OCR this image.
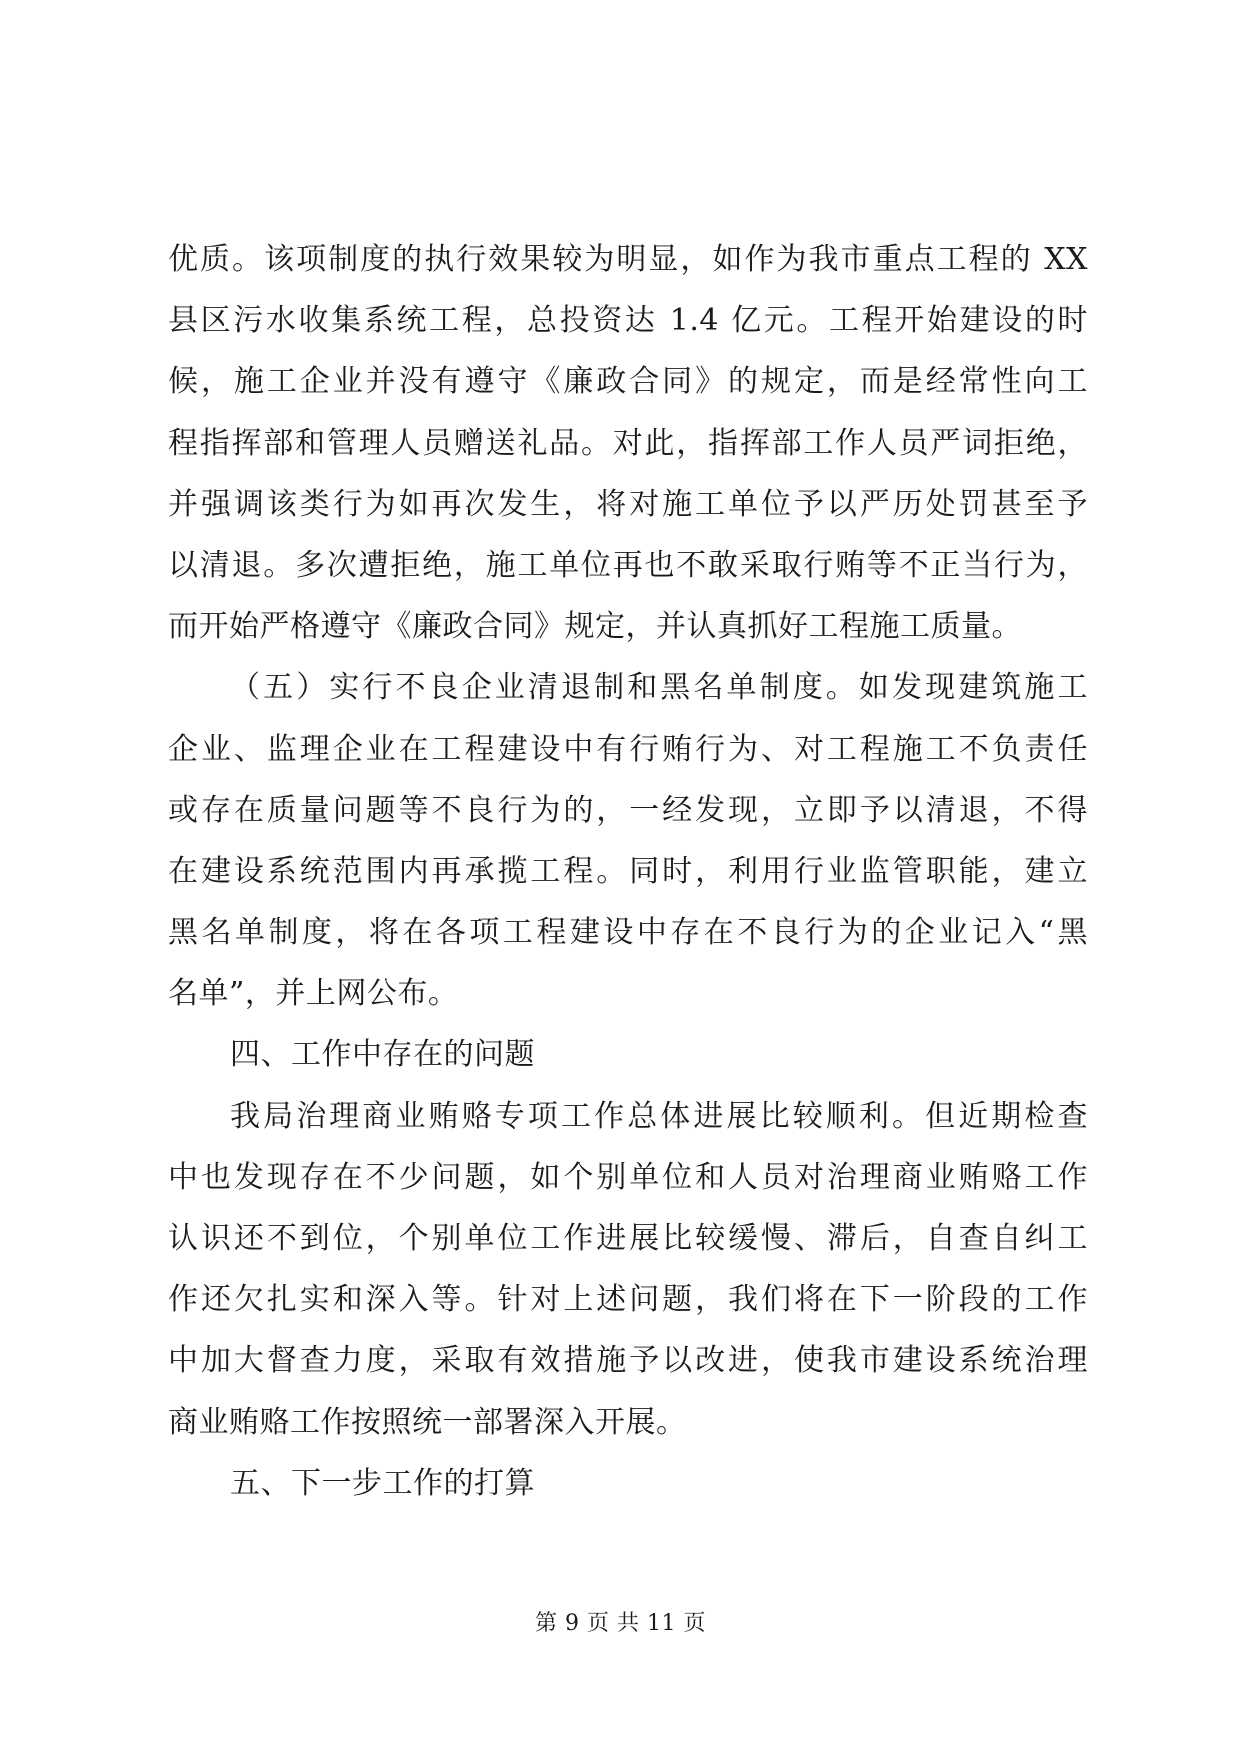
优质。该项制度的执行效果较为明显，如作为我市重点工程的 XX
县区污水收集系统工程，总投资达 1.4 亿元。工程开始建设的时
候，施工企业并没有遵守《廉政合同》的规定，而是经常性向工
程指挥部和管理人员赠送礼品。对此，指挥部工作人员严词拒绝，
并强调该类行为如再次发生，将对施工单位予以严历处罚甚至予
以清退。多次遭拒绝，施工单位再也不敢采取行贿等不正当行为，
而开始严格遵守《廉政合同》规定，并认真抓好工程施工质量。
（五）实行不良企业清退制和黑名单制度。如发现建筑施工
企业、监理企业在工程建设中有行贿行为、对工程施工不负责任
或存在质量问题等不良行为的，一经发现，立即予以清退，不得
在建设系统范围内再承揽工程。同时，利用行业监管职能，建立
黑名单制度，将在各项工程建设中存在不良行为的企业记入“黑
名单”，并上网公布。
四、工作中存在的问题
我局治理商业贿赂专项工作总体进展比较顺利。但近期检查
中也发现存在不少问题，如个别单位和人员对治理商业贿赂工作
认识还不到位，个别单位工作进展比较缓慢、滞后，自查自纠工
作还欠扎实和深入等。针对上述问题，我们将在下一阶段的工作
中加大督查力度，采取有效措施予以改进，使我市建设系统治理
商业贿赂工作按照统一部署深入开展。
五、下一步工作的打算
第 9 页 共 11 页
